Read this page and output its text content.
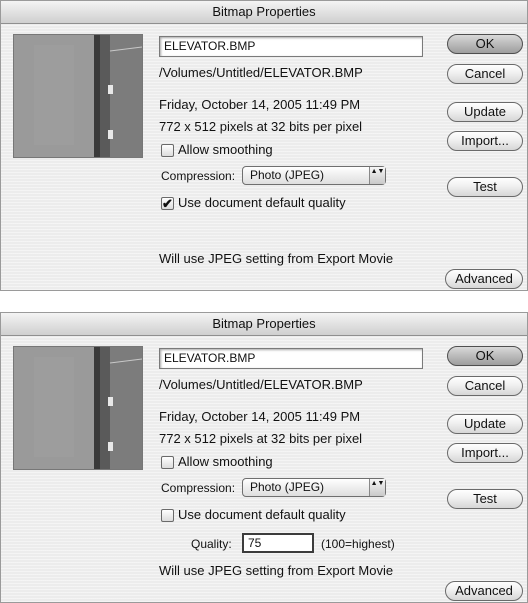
Bitmap Properties
ELEVATOR.BMP
/Volumes/Untitled/ELEVATOR.BMP
Friday, October 14, 2005 11:49 PM
772 x 512 pixels at 32 bits per pixel
Allow smoothing
Compression:	Photo (JPEG)	▲▼
✔ Use document default quality
Will use JPEG setting from Export Movie
OK
Cancel
Update
Import...
Test
Advanced
Bitmap Properties
ELEVATOR.BMP
/Volumes/Untitled/ELEVATOR.BMP
Friday, October 14, 2005 11:49 PM
772 x 512 pixels at 32 bits per pixel
Allow smoothing
Compression:	Photo (JPEG)	▲▼
Use document default quality
Quality:	75	(100=highest)
Will use JPEG setting from Export Movie
OK
Cancel
Update
Import...
Test
Advanced
